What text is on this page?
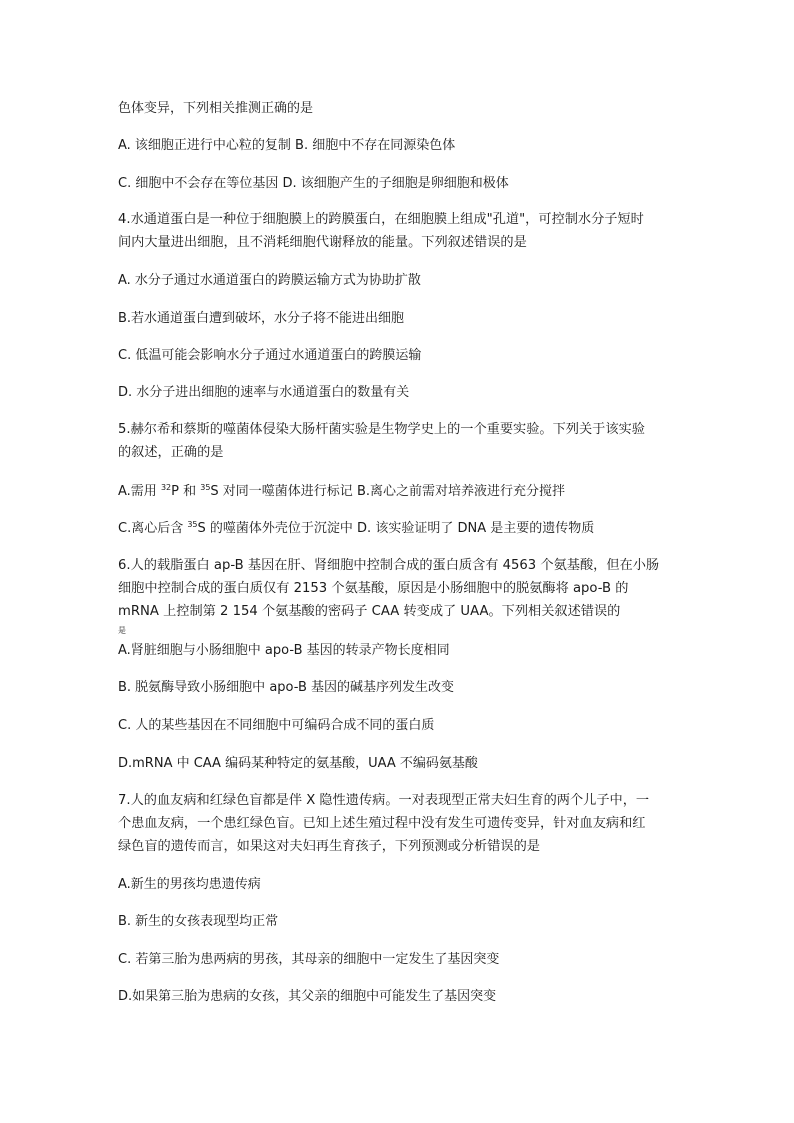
色体变异，下列相关推测正确的是
A. 该细胞正进行中心粒的复制 B. 细胞中不存在同源染色体
C. 细胞中不会存在等位基因 D. 该细胞产生的子细胞是卵细胞和极体
4.水通道蛋白是一种位于细胞膜上的跨膜蛋白，在细胞膜上组成"孔道"，可控制水分子短时
间内大量进出细胞，且不消耗细胞代谢释放的能量。下列叙述错误的是
A. 水分子通过水通道蛋白的跨膜运输方式为协助扩散
B.若水通道蛋白遭到破坏，水分子将不能进出细胞
C. 低温可能会影响水分子通过水通道蛋白的跨膜运输
D. 水分子进出细胞的速率与水通道蛋白的数量有关
5.赫尔希和蔡斯的噬菌体侵染大肠杆菌实验是生物学史上的一个重要实验。下列关于该实验
的叙述，正确的是
A.需用 $^{32}$P 和 $^{35}$S 对同一噬菌体进行标记 B.离心之前需对培养液进行充分搅拌
C.离心后含 $^{35}$S 的噬菌体外壳位于沉淀中 D. 该实验证明了 DNA 是主要的遗传物质
6.人的载脂蛋白 ap-B 基因在肝、肾细胞中控制合成的蛋白质含有 4563 个氨基酸，但在小肠
细胞中控制合成的蛋白质仅有 2153 个氨基酸，原因是小肠细胞中的脱氨酶将 apo-B 的
mRNA 上控制第 2 154 个氨基酸的密码子 CAA 转变成了 UAA。下列相关叙述错误的
$^是$
A.肾脏细胞与小肠细胞中 apo-B 基因的转录产物长度相同
B. 脱氨酶导致小肠细胞中 apo-B 基因的碱基序列发生改变
C. 人的某些基因在不同细胞中可编码合成不同的蛋白质
D.mRNA 中 CAA 编码某种特定的氨基酸，UAA 不编码氨基酸
7.人的血友病和红绿色盲都是伴 X 隐性遗传病。一对表现型正常夫妇生育的两个儿子中，一
个患血友病，一个患红绿色盲。已知上述生殖过程中没有发生可遗传变异，针对血友病和红
绿色盲的遗传而言，如果这对夫妇再生育孩子，下列预测或分析错误的是
A.新生的男孩均患遗传病
B. 新生的女孩表现型均正常
C. 若第三胎为患两病的男孩，其母亲的细胞中一定发生了基因突变
D.如果第三胎为患病的女孩，其父亲的细胞中可能发生了基因突变
